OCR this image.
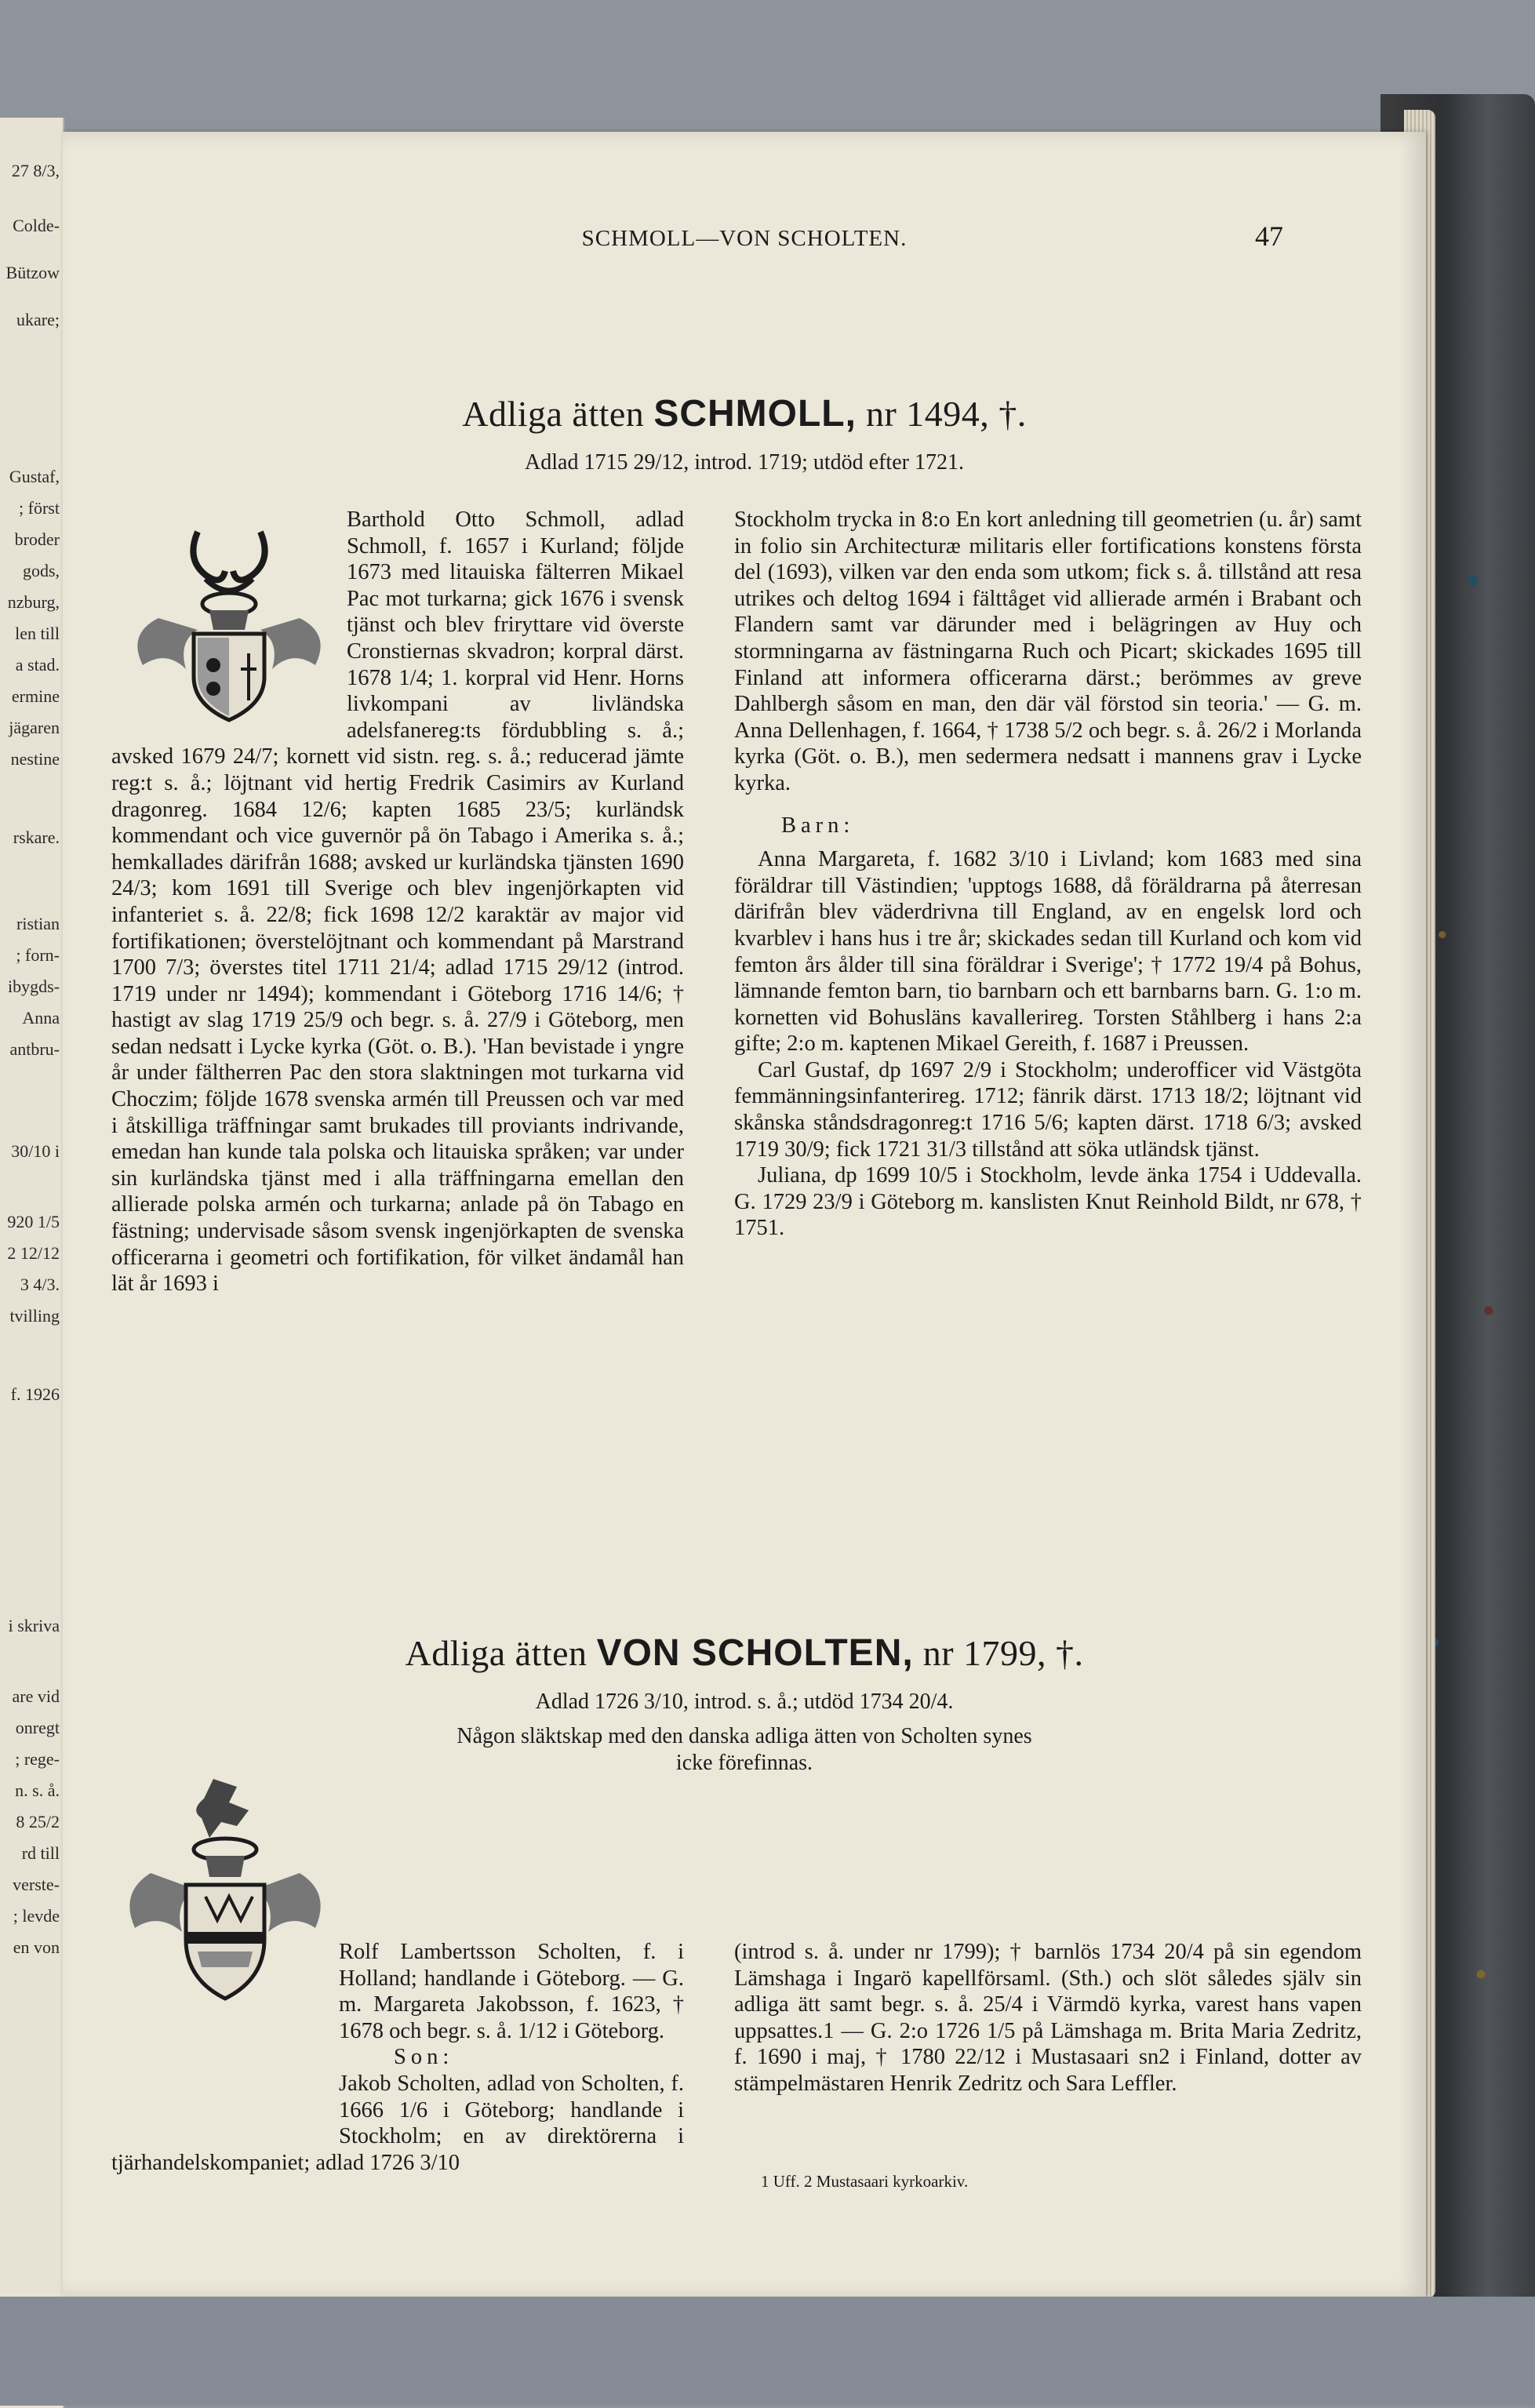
27 8/3,
Colde-
Bützow
ukare;
Gustaf,
; först
broder
gods,
nzburg,
len till
a stad.
ermine
jägaren
nestine
rskare.
ristian
; forn-
ibygds-
Anna
antbru-
30/10 i
920 1/5
2 12/12
3 4/3.
tvilling
f. 1926
i skriva
are vid
onregt
; rege-
n. s. å.
8 25/2
rd till
verste-
; levde
en von
SCHMOLL—VON SCHOLTEN.	47
Adliga ätten SCHMOLL, nr 1494, †.
Adlad 1715 29/12, introd. 1719; utdöd efter 1721.

Barthold Otto Schmoll, adlad Schmoll, f. 1657 i Kurland; följde 1673 med litauiska fälterren Mikael Pac mot turkarna; gick 1676 i svensk tjänst och blev friryttare vid överste Cronstiernas skvadron; korpral därst. 1678 1/4; 1. korpral vid Henr. Horns livkompani av livländska adelsfanereg:ts fördubbling s. å.; avsked 1679 24/7; kornett vid sistn. reg. s. å.; reducerad jämte reg:t s. å.; löjtnant vid hertig Fredrik Casimirs av Kurland dragonreg. 1684 12/6; kapten 1685 23/5; kurländsk kommendant och vice guvernör på ön Tabago i Amerika s. å.; hemkallades därifrån 1688; avsked ur kurländska tjänsten 1690 24/3; kom 1691 till Sverige och blev ingenjörkapten vid infanteriet s. å. 22/8; fick 1698 12/2 karaktär av major vid fortifikationen; överstelöjtnant och kommendant på Marstrand 1700 7/3; överstes titel 1711 21/4; adlad 1715 29/12 (introd. 1719 under nr 1494); kommendant i Göteborg 1716 14/6; † hastigt av slag 1719 25/9 och begr. s. å. 27/9 i Göteborg, men sedan nedsatt i Lycke kyrka (Göt. o. B.). 'Han bevistade i yngre år under fältherren Pac den stora slaktningen mot turkarna vid Choczim; följde 1678 svenska armén till Preussen och var med i åtskilliga träffningar samt brukades till proviants indrivande, emedan han kunde tala polska och litauiska språken; var under sin kurländska tjänst med i alla träffningarna emellan den allierade polska armén och turkarna; anlade på ön Tabago en fästning; undervisade såsom svensk ingenjörkapten de svenska officerarna i geometri och fortifikation, för vilket ändamål han lät år 1693 i

Stockholm trycka in 8:o En kort anledning till geometrien (u. år) samt in folio sin Architecturæ militaris eller fortifications konstens första del (1693), vilken var den enda som utkom; fick s. å. tillstånd att resa utrikes och deltog 1694 i fälttåget vid allierade armén i Brabant och Flandern samt var därunder med i belägringen av Huy och stormningarna av fästningarna Ruch och Picart; skickades 1695 till Finland att informera officerarna därst.; berömmes av greve Dahlbergh såsom en man, den där väl förstod sin teoria.' — G. m. Anna Dellenhagen, f. 1664, † 1738 5/2 och begr. s. å. 26/2 i Morlanda kyrka (Göt. o. B.), men sedermera nedsatt i mannens grav i Lycke kyrka.

Barn:

Anna Margareta, f. 1682 3/10 i Livland; kom 1683 med sina föräldrar till Västindien; 'upptogs 1688, då föräldrarna på återresan därifrån blev väderdrivna till England, av en engelsk lord och kvarblev i hans hus i tre år; skickades sedan till Kurland och kom vid femton års ålder till sina föräldrar i Sverige'; † 1772 19/4 på Bohus, lämnande femton barn, tio barnbarn och ett barnbarns barn. G. 1:o m. kornetten vid Bohusläns kavallerireg. Torsten Ståhlberg i hans 2:a gifte; 2:o m. kaptenen Mikael Gereith, f. 1687 i Preussen.

Carl Gustaf, dp 1697 2/9 i Stockholm; underofficer vid Västgöta femmänningsinfanterireg. 1712; fänrik därst. 1713 18/2; löjtnant vid skånska ståndsdragonreg:t 1716 5/6; kapten därst. 1718 6/3; avsked 1719 30/9; fick 1721 31/3 tillstånd att söka utländsk tjänst.

Juliana, dp 1699 10/5 i Stockholm, levde änka 1754 i Uddevalla. G. 1729 23/9 i Göteborg m. kanslisten Knut Reinhold Bildt, nr 678, † 1751.

Adliga ätten VON SCHOLTEN, nr 1799, †.
Adlad 1726 3/10, introd. s. å.; utdöd 1734 20/4.
Någon släktskap med den danska adliga ätten von Scholten synes
icke förefinnas.

Rolf Lambertsson Scholten, f. i Holland; handlande i Göteborg. — G. m. Margareta Jakobsson, f. 1623, † 1678 och begr. s. å. 1/12 i Göteborg.

Son:

Jakob Scholten, adlad von Scholten, f. 1666 1/6 i Göteborg; handlande i Stockholm; en av direktörerna i tjärhandelskompaniet; adlad 1726 3/10

(introd s. å. under nr 1799); † barnlös 1734 20/4 på sin egendom Lämshaga i Ingarö kapellförsaml. (Sth.) och slöt således själv sin adliga ätt samt begr. s. å. 25/4 i Värmdö kyrka, varest hans vapen uppsattes.1 — G. 2:o 1726 1/5 på Lämshaga m. Brita Maria Zedritz, f. 1690 i maj, † 1780 22/12 i Mustasaari sn2 i Finland, dotter av stämpelmästaren Henrik Zedritz och Sara Leffler.

1 Uff. 2 Mustasaari kyrkoarkiv.
